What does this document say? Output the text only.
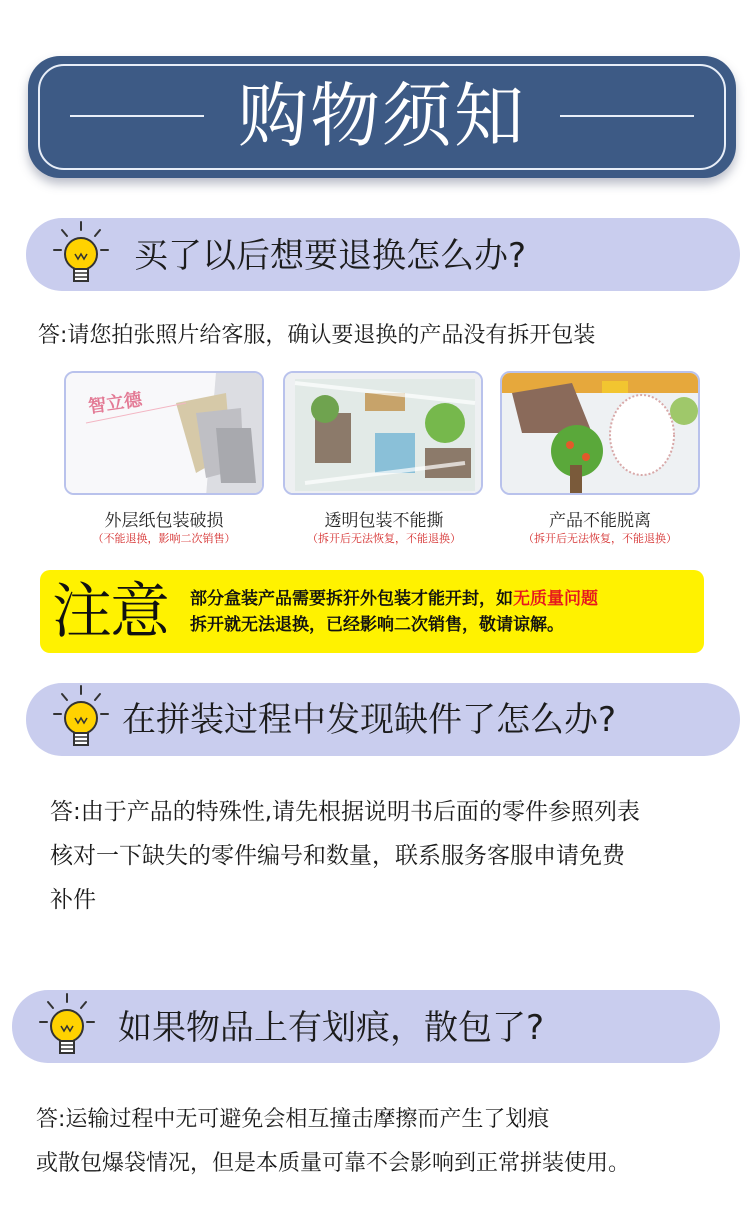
购物须知
买了以后想要退换怎么办?
答:请您拍张照片给客服，确认要退换的产品没有拆开包装
智立德
外层纸包装破损
（不能退换，影响二次销售）
透明包装不能撕
（拆开后无法恢复，不能退换）
产品不能脱离
（拆开后无法恢复，不能退换）
注意 部分盒装产品需要拆犴外包装才能开封，如无质量问题
拆开就无法退换，已经影响二次销售，敬请谅解。
在拼装过程中发现缺件了怎么办?
答:由于产品的特殊性,请先根据说明书后面的零件参照列表
核对一下缺失的零件编号和数量，联系服务客服申请免费
补件
如果物品上有划痕，散包了?
答:运输过程中无可避免会相互撞击摩擦而产生了划痕
或散包爆袋情况，但是本质量可靠不会影响到正常拼装使用。
